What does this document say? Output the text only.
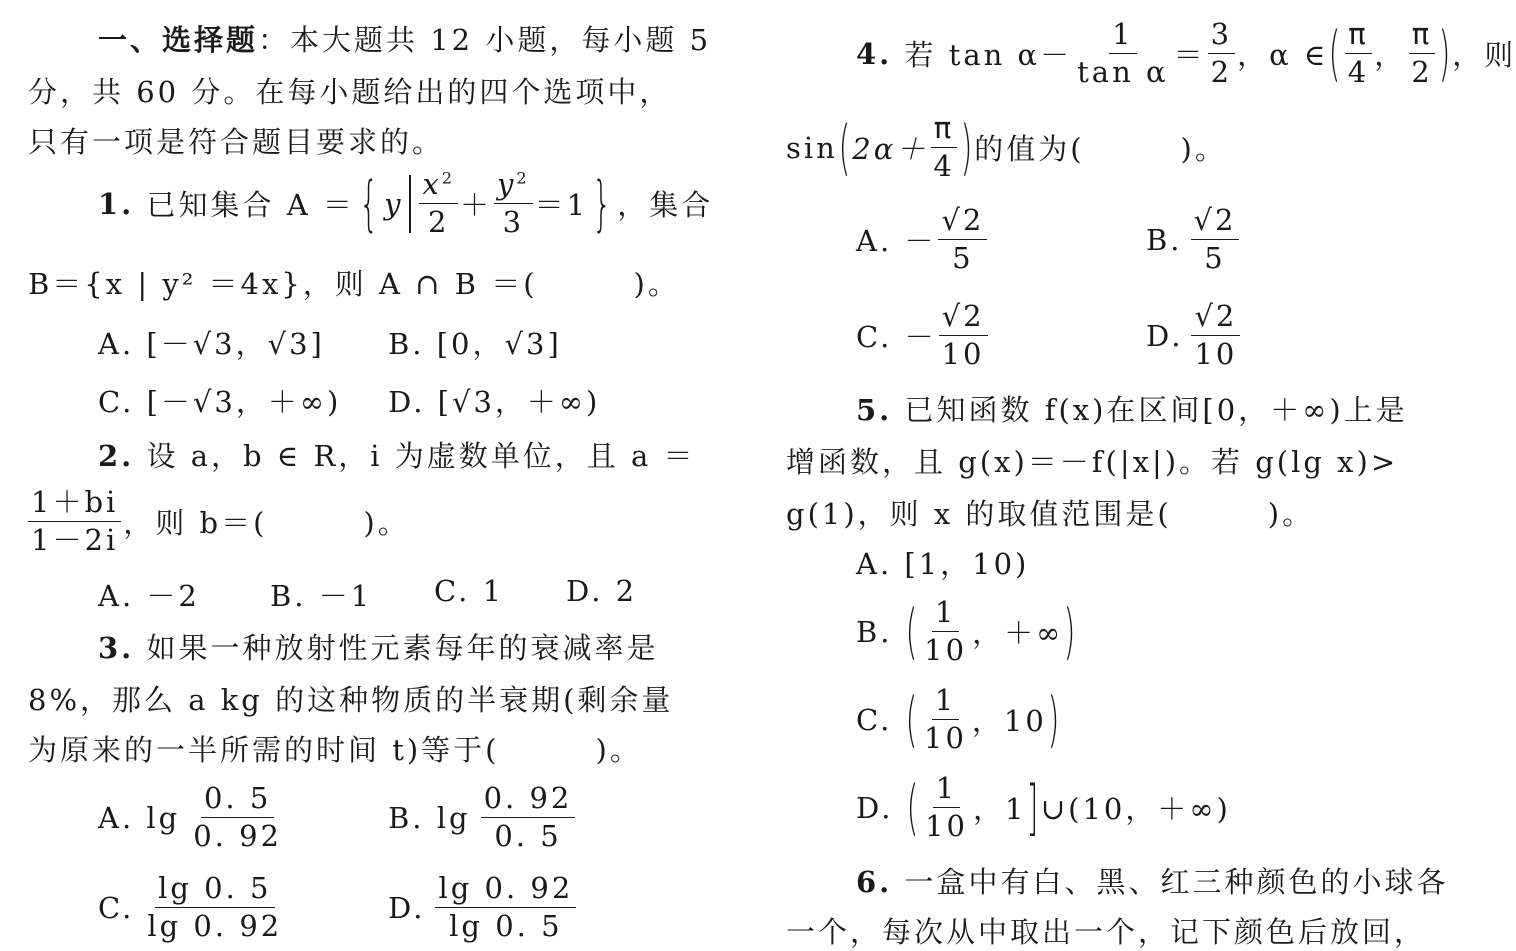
一、选择题：本大题共 12 小题，每小题 5
分，共 60 分。在每小题给出的四个选项中，
只有一项是符合题目要求的。
1.
已知集合 A ＝ { y $\frac{x^2}{2} + \frac{y^2}{3} =1$ } ，集合
B＝{x | y² ＝4x}，则 A ∩ B ＝(　　　)。
A. [－√3，√3] B. [0，√3]
C. [－√3，＋∞) D. [√3，＋∞)
2. 设 a，b ∈ R，i 为虚数单位，且 a ＝
$\frac{1+bi}{1-2i}$ ，则 b＝(　　　)。
A. －2 B. －1 C. 1 D. 2
3. 如果一种放射性元素每年的衰减率是
8%，那么 a kg 的这种物质的半衰期(剩余量
为原来的一半所需的时间 t)等于(　　　)。
A. $\lg \frac{0. 5}{0. 92}$	B. $\lg \frac{0. 92}{0. 5}$
C. $\frac{\lg 0. 5}{\lg 0. 92}$	D. $\frac{\lg 0. 92}{\lg 0. 5}$
4.
若 $\tan \alpha- \frac{1}{\text{tan α}} = \frac{3}{2}$ ，α ∈ ( $\frac{\pi}{4}$ ， $\frac{\pi}{2}$ ) ，则
sin ( $2\alpha+ \frac{\pi}{4}$ ) 的值为(　　　)。
A. － $\frac{√2}{5}$	B. $\frac{√2}{5}$
C. － $\frac{√2}{10}$	D. $\frac{√2}{10}$
5. 已知函数 f(x)在区间[0，＋∞)上是
增函数，且 g(x)＝－f(|x|)。若 g(lg x)>
g(1)，则 x 的取值范围是(　　　)。
A. [1，10)
B.
( $\frac{1}{10}$ ，＋∞ )
C.
( $\frac{1}{10}$ ，10 )
D.
( $\frac{1}{10}$ ，1 ] ∪(10，＋∞)
6. 一盒中有白、黑、红三种颜色的小球各
一个，每次从中取出一个，记下颜色后放回，
